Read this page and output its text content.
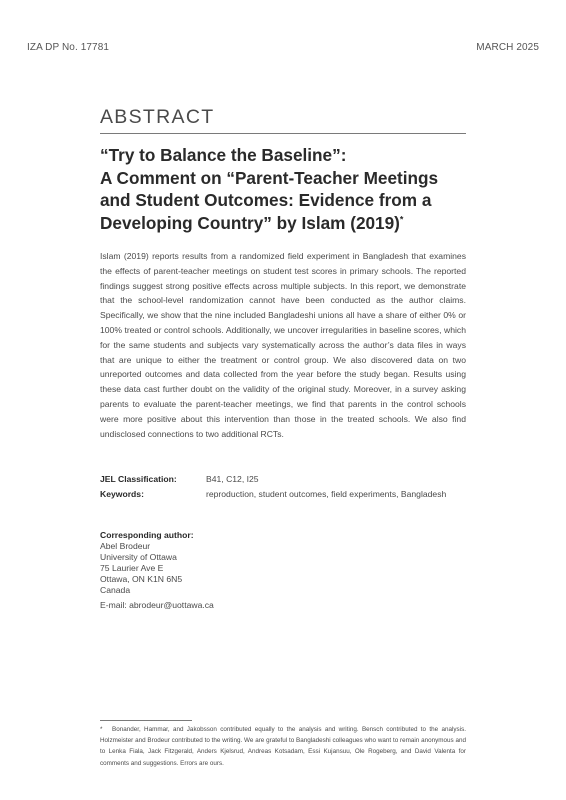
IZA DP No. 17781	MARCH 2025
ABSTRACT
“Try to Balance the Baseline”:
A Comment on “Parent-Teacher Meetings
and Student Outcomes: Evidence from a
Developing Country” by Islam (2019)*

Islam (2019) reports results from a randomized field experiment in Bangladesh that examines the effects of parent-teacher meetings on student test scores in primary schools. The reported findings suggest strong positive effects across multiple subjects. In this report, we demonstrate that the school-level randomization cannot have been conducted as the author claims. Specifically, we show that the nine included Bangladeshi unions all have a share of either 0% or 100% treated or control schools. Additionally, we uncover irregularities in baseline scores, which for the same students and subjects vary systematically across the author’s data files in ways that are unique to either the treatment or control group. We also discovered data on two unreported outcomes and data collected from the year before the study began. Results using these data cast further doubt on the validity of the original study. Moreover, in a survey asking parents to evaluate the parent-teacher meetings, we find that parents in the control schools were more positive about this intervention than those in the treated schools. We also find undisclosed connections to two additional RCTs.

JEL Classification:	B41, C12, I25
Keywords:	reproduction, student outcomes, field experiments, Bangladesh
Corresponding author:
Abel Brodeur
University of Ottawa
75 Laurier Ave E
Ottawa, ON K1N 6N5
Canada
E-mail: abrodeur@uottawa.ca

* Bonander, Hammar, and Jakobsson contributed equally to the analysis and writing. Bensch contributed to the analysis. Holzmeister and Brodeur contributed to the writing. We are grateful to Bangladeshi colleagues who want to remain anonymous and to Lenka Fiala, Jack Fitzgerald, Anders Kjelsrud, Andreas Kotsadam, Essi Kujansuu, Ole Rogeberg, and David Valenta for comments and suggestions. Errors are ours.
